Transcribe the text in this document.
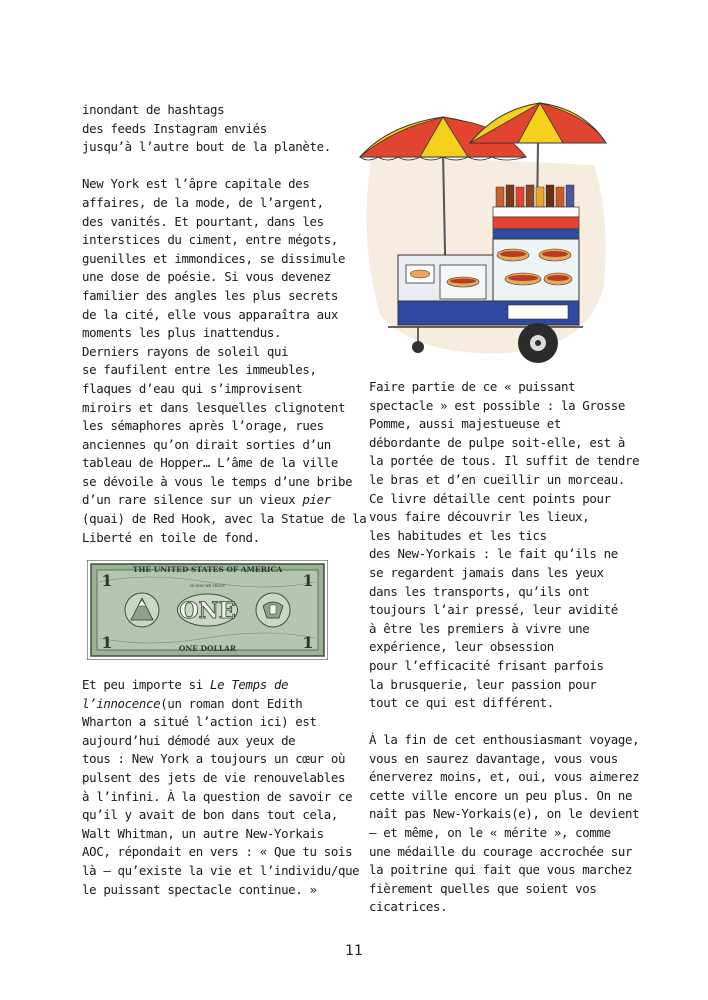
inondant de hashtags

des feeds Instagram enviés

jusqu’à l’autre bout de la planète.

New York est l’âpre capitale des

affaires, de la mode, de l’argent,

des vanités. Et pourtant, dans les

interstices du ciment, entre mégots,

guenilles et immondices, se dissimule

une dose de poésie. Si vous devenez

familier des angles les plus secrets

de la cité, elle vous apparaîtra aux

moments les plus inattendus.

Derniers rayons de soleil qui

se faufilent entre les immeubles,

flaques d’eau qui s’improvisent

miroirs et dans lesquelles clignotent

les sémaphores après l’orage, rues

anciennes qu’on dirait sorties d’un

tableau de Hopper… L’âme de la ville

se dévoile à vous le temps d’une bribe

d’un rare silence sur un vieux pier

(quai) de Red Hook, avec la Statue de la

Liberté en toile de fond.

THE UNITED STATES OF AMERICA
IN GOD WE TRUST
ONE
1	1
1	1
ONE DOLLAR

Et peu importe si Le Temps de

l’innocence(un roman dont Edith

Wharton a situé l’action ici) est

aujourd’hui démodé aux yeux de

tous : New York a toujours un cœur où

pulsent des jets de vie renouvelables

à l’infini. À la question de savoir ce

qu’il y avait de bon dans tout cela,

Walt Whitman, un autre New-Yorkais

AOC, répondait en vers : « Que tu sois

là – qu’existe la vie et l’individu/que

le puissant spectacle continue. »

Faire partie de ce « puissant

spectacle » est possible : la Grosse

Pomme, aussi majestueuse et

débordante de pulpe soit-elle, est à

la portée de tous. Il suffit de tendre

le bras et d’en cueillir un morceau.

Ce livre détaille cent points pour

vous faire découvrir les lieux,

les habitudes et les tics

des New-Yorkais : le fait qu’ils ne

se regardent jamais dans les yeux

dans les transports, qu’ils ont

toujours l’air pressé, leur avidité

à être les premiers à vivre une

expérience, leur obsession

pour l’efficacité frisant parfois

la brusquerie, leur passion pour

tout ce qui est différent.

À la fin de cet enthousiasmant voyage,

vous en saurez davantage, vous vous

énerverez moins, et, oui, vous aimerez

cette ville encore un peu plus. On ne

naît pas New-Yorkais(e), on le devient

– et même, on le « mérite », comme

une médaille du courage accrochée sur

la poitrine qui fait que vous marchez

fièrement quelles que soient vos

cicatrices.

11
